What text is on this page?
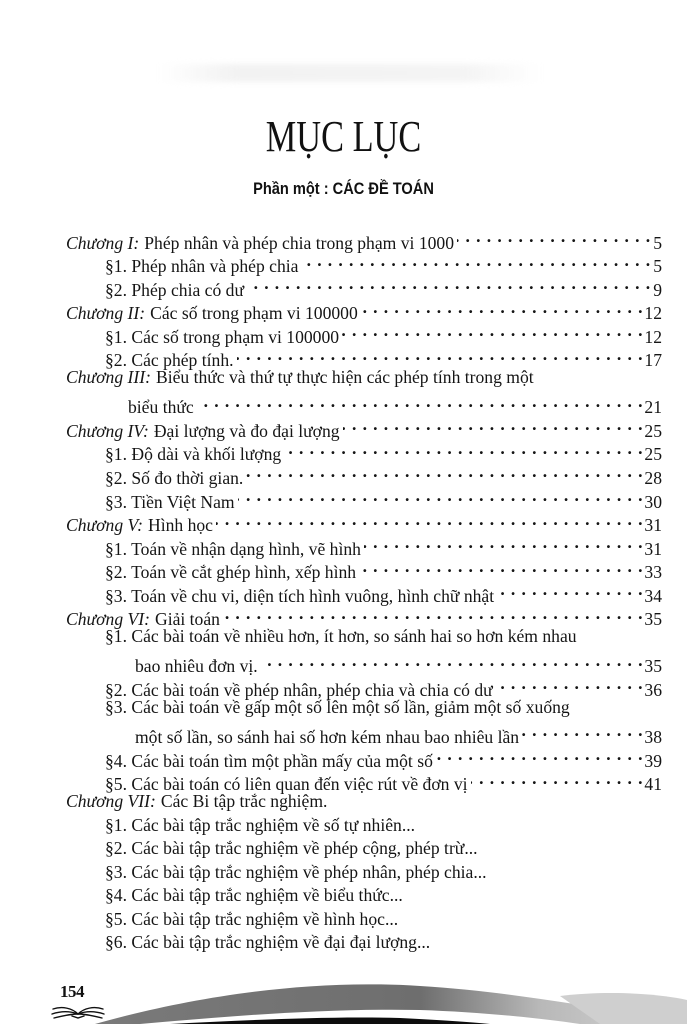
MỤC LỤC
Phần một : CÁC ĐỀ TOÁN
Chương I: Phép nhân và phép chia trong phạm vi 1000 . . .	5
§1. Phép nhân và phép chia . . .	5
§2. Phép chia có dư . . .	9
Chương II: Các số trong phạm vi 100000 . . .	12
§1. Các số trong phạm vi 100000 . . .	12
§2. Các phép tính. . . .	17
Chương III: Biểu thức và thứ tự thực hiện các phép tính trong một
biểu thức . . .	21
Chương IV: Đại lượng và đo đại lượng . . .	25
§1. Độ dài và khối lượng . . .	25
§2. Số đo thời gian. . . .	28
§3. Tiền Việt Nam . . .	30
Chương V: Hình học . . .	31
§1. Toán về nhận dạng hình, vẽ hình . . .	31
§2. Toán về cắt ghép hình, xếp hình . . .	33
§3. Toán về chu vi, diện tích hình vuông, hình chữ nhật . . .	34
Chương VI: Giải toán . . .	35
§1. Các bài toán về nhiều hơn, ít hơn, so sánh hai so hơn kém nhau
bao nhiêu đơn vị. . . .	35
§2. Các bài toán về phép nhân, phép chia và chia có dư . . .	36
§3. Các bài toán về gấp một số lên một số lần, giảm một số xuống
một số lần, so sánh hai số hơn kém nhau bao nhiêu lần . . .	38
§4. Các bài toán tìm một phần mấy của một số . . .	39
§5. Các bài toán có liên quan đến việc rút về đơn vị . . .	41
Chương VII: Các Bi tập trắc nghiệm.
§1. Các bài tập trắc nghiệm về số tự nhiên...
§2. Các bài tập trắc nghiệm về phép cộng, phép trừ...
§3. Các bài tập trắc nghiệm về phép nhân, phép chia...
§4. Các bài tập trắc nghiệm về biểu thức...
§5. Các bài tập trắc nghiệm về hình học...
§6. Các bài tập trắc nghiệm về đại đại lượng...
154
